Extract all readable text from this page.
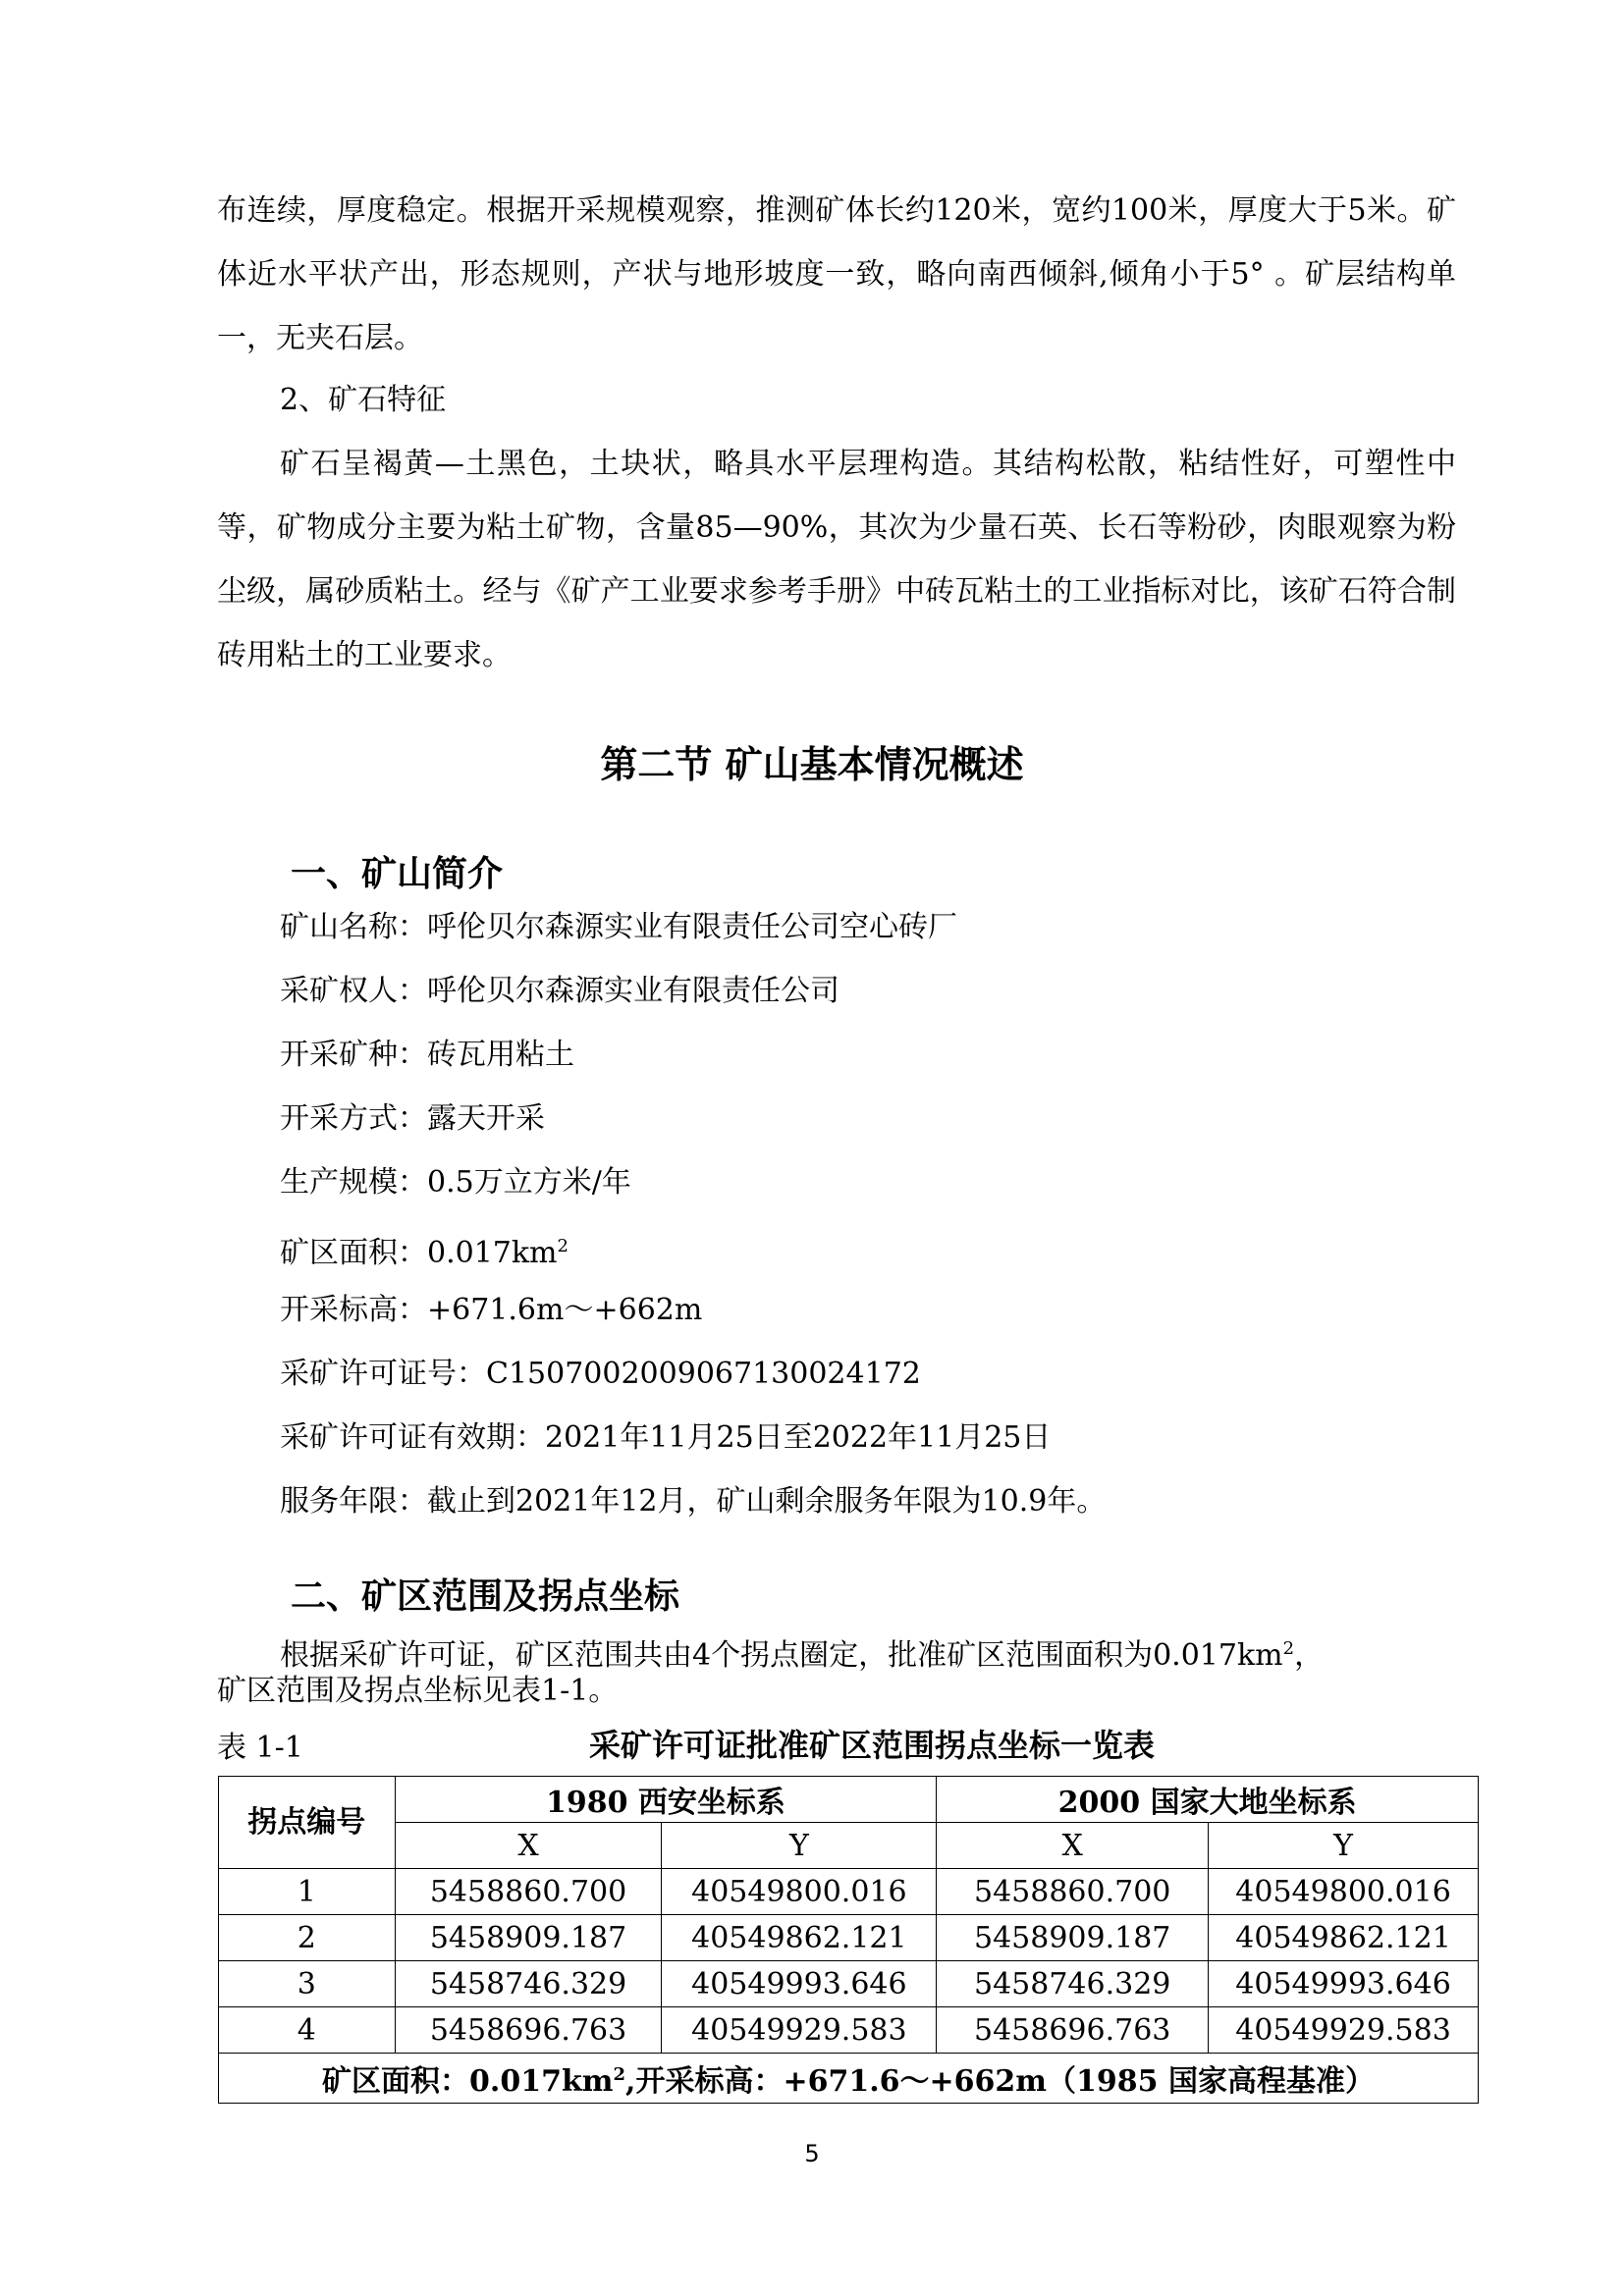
布连续，厚度稳定。根据开采规模观察，推测矿体长约120米，宽约100米，厚度大于5米。矿体近水平状产出，形态规则，产状与地形坡度一致，略向南西倾斜,倾角小于5° 。矿层结构单一，无夹石层。

2、矿石特征

矿石呈褐黄—土黑色，土块状，略具水平层理构造。其结构松散，粘结性好，可塑性中等，矿物成分主要为粘土矿物，含量85—90%，其次为少量石英、长石等粉砂，肉眼观察为粉尘级，属砂质粘土。经与《矿产工业要求参考手册》中砖瓦粘土的工业指标对比，该矿石符合制砖用粘土的工业要求。

第二节 矿山基本情况概述
一、矿山简介

矿山名称：呼伦贝尔森源实业有限责任公司空心砖厂

采矿权人：呼伦贝尔森源实业有限责任公司

开采矿种：砖瓦用粘土

开采方式：露天开采

生产规模：0.5万立方米/年

矿区面积：$0.017km^2$

开采标高：+671.6m～+662m

采矿许可证号：C1507002009067130024172

采矿许可证有效期：2021年11月25日至2022年11月25日

服务年限：截止到2021年12月，矿山剩余服务年限为10.9年。

二、矿区范围及拐点坐标

根据采矿许可证，矿区范围共由4个拐点圈定，批准矿区范围面积为$0.017km^2$，

矿区范围及拐点坐标见表1-1。

表 1-1	采矿许可证批准矿区范围拐点坐标一览表

拐点编号	1980 西安坐标系		2000 国家大地坐标系	
	X	Y	X	Y
1	5458860.700	40549800.016	5458860.700	40549800.016
2	5458909.187	40549862.121	5458909.187	40549862.121
3	5458746.329	40549993.646	5458746.329	40549993.646
4	5458696.763	40549929.583	5458696.763	40549929.583
矿区面积：$0.017km^2$,开采标高：+671.6～+662m（1985 国家高程基准）				

5
